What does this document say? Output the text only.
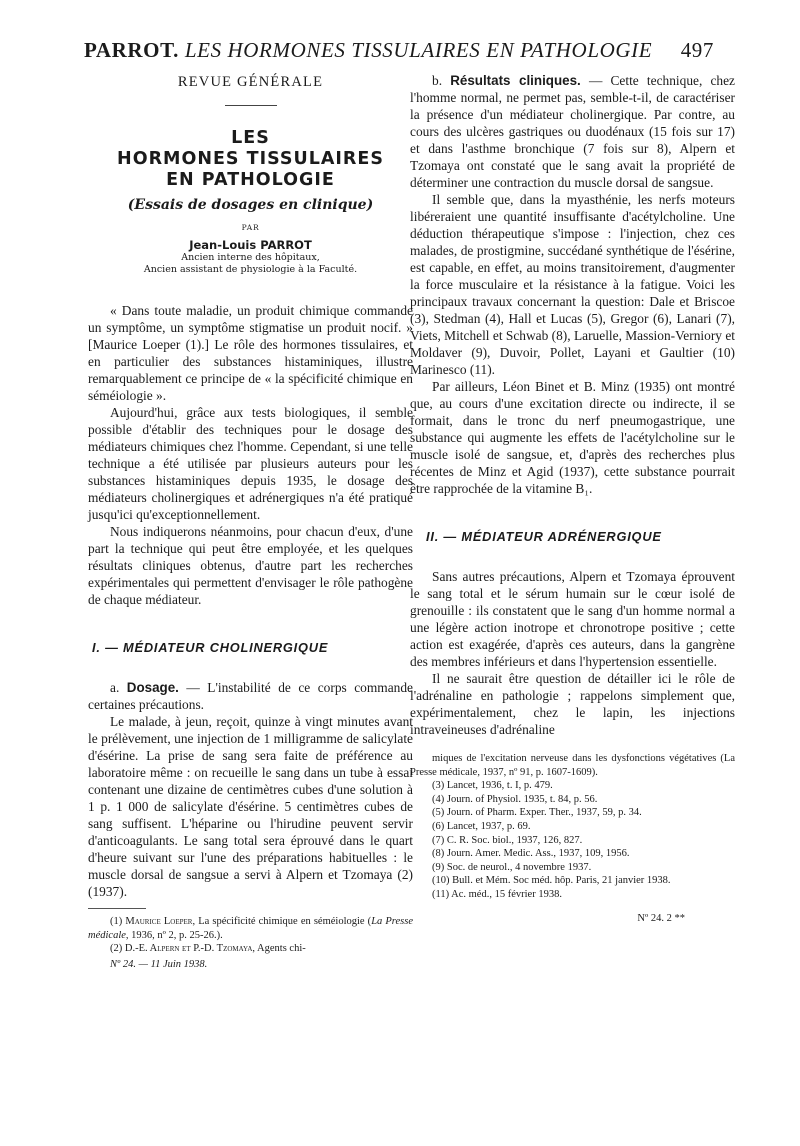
PARROT. LES HORMONES TISSULAIRES EN PATHOLOGIE 497
REVUE GÉNÉRALE
LES
HORMONES TISSULAIRES
EN PATHOLOGIE
(Essais de dosages en clinique)
PAR
Jean-Louis PARROT
Ancien interne des hôpitaux,
Ancien assistant de physiologie à la Faculté.

« Dans toute maladie, un produit chimique commande un symptôme, un symptôme stigmatise un produit nocif. » [Maurice Loeper (1).] Le rôle des hormones tissulaires, et en particulier des substances histaminiques, illustre remarquablement ce principe de « la spécificité chimique en séméiologie ».

Aujourd'hui, grâce aux tests biologiques, il semble possible d'établir des techniques pour le dosage des médiateurs chimiques chez l'homme. Cependant, si une telle technique a été utilisée par plusieurs auteurs pour les substances histaminiques depuis 1935, le dosage des médiateurs cholinergiques et adrénergiques n'a été pratiqué jusqu'ici qu'exceptionnellement.

Nous indiquerons néanmoins, pour chacun d'eux, d'une part la technique qui peut être employée, et les quelques résultats cliniques obtenus, d'autre part les recherches expérimentales qui permettent d'envisager le rôle pathogène de chaque médiateur.

I. — MÉDIATEUR CHOLINERGIQUE

a. Dosage. — L'instabilité de ce corps commande certaines précautions.

Le malade, à jeun, reçoit, quinze à vingt minutes avant le prélèvement, une injection de 1 milligramme de salicylate d'ésérine. La prise de sang sera faite de préférence au laboratoire même : on recueille le sang dans un tube à essai contenant une dizaine de centimètres cubes d'une solution à 1 p. 1 000 de salicylate d'ésérine. 5 centimètres cubes de sang suffisent. L'héparine ou l'hirudine peuvent servir d'anticoagulants. Le sang total sera éprouvé dans le quart d'heure suivant sur l'une des préparations habituelles : le muscle dorsal de sangsue a servi à Alpern et Tzomaya (2) (1937).

(1) Maurice Loeper, La spécificité chimique en séméiologie (La Presse médicale, 1936, nº 2, p. 25-26.).

(2) D.-E. Alpern et P.-D. Tzomaya, Agents chi-

Nº 24. — 11 Juin 1938.

b. Résultats cliniques. — Cette technique, chez l'homme normal, ne permet pas, semble-t-il, de caractériser la présence d'un médiateur cholinergique. Par contre, au cours des ulcères gastriques ou duodénaux (15 fois sur 17) et dans l'asthme bronchique (7 fois sur 8), Alpern et Tzomaya ont constaté que le sang avait la propriété de déterminer une contraction du muscle dorsal de sangsue.

Il semble que, dans la myasthénie, les nerfs moteurs libéreraient une quantité insuffisante d'acétylcholine. Une déduction thérapeutique s'impose : l'injection, chez ces malades, de prostigmine, succédané synthétique de l'ésérine, est capable, en effet, au moins transitoirement, d'augmenter la force musculaire et la résistance à la fatigue. Voici les principaux travaux concernant la question: Dale et Briscoe (3), Stedman (4), Hall et Lucas (5), Gregor (6), Lanari (7), Viets, Mitchell et Schwab (8), Laruelle, Massion-Verniory et Moldaver (9), Duvoir, Pollet, Layani et Gaultier (10) Marinesco (11).

Par ailleurs, Léon Binet et B. Minz (1935) ont montré que, au cours d'une excitation directe ou indirecte, il se formait, dans le tronc du nerf pneumogastrique, une substance qui augmente les effets de l'acétylcholine sur le muscle isolé de sangsue, et, d'après des recherches plus récentes de Minz et Agid (1937), cette substance pourrait être rapprochée de la vitamine B₁.

II. — MÉDIATEUR ADRÉNERGIQUE

Sans autres précautions, Alpern et Tzomaya éprouvent le sang total et le sérum humain sur le cœur isolé de grenouille : ils constatent que le sang d'un homme normal a une légère action inotrope et chronotrope positive ; cette action est exagérée, d'après ces auteurs, dans la gangrène des membres inférieurs et dans l'hypertension essentielle.

Il ne saurait être question de détailler ici le rôle de l'adrénaline en pathologie ; rappelons simplement que, expérimentalement, chez le lapin, les injections intraveineuses d'adrénaline

miques de l'excitation nerveuse dans les dysfonctions végétatives (La Presse médicale, 1937, nº 91, p. 1607-1609).

(3) Lancet, 1936, t. I, p. 479.

(4) Journ. of Physiol. 1935, t. 84, p. 56.

(5) Journ. of Pharm. Exper. Ther., 1937, 59, p. 34.

(6) Lancet, 1937, p. 69.

(7) C. R. Soc. biol., 1937, 126, 827.

(8) Journ. Amer. Medic. Ass., 1937, 109, 1956.

(9) Soc. de neurol., 4 novembre 1937.

(10) Bull. et Mém. Soc méd. hôp. Paris, 21 janvier 1938.

(11) Ac. méd., 15 février 1938.

Nº 24. 2 **
